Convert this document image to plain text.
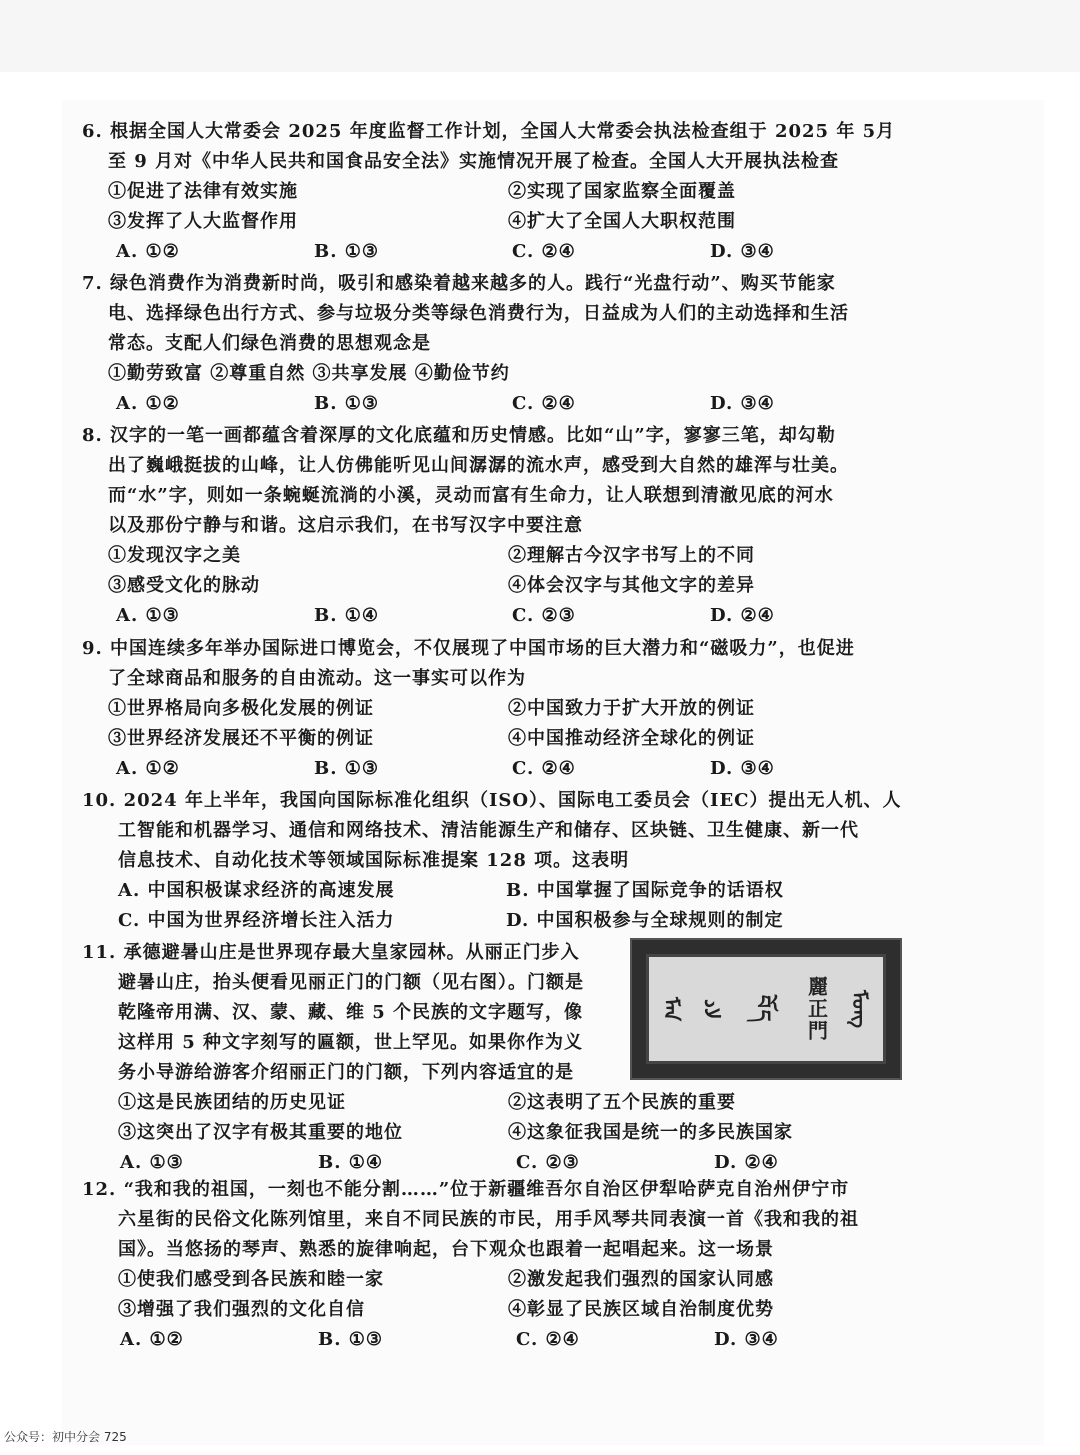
6. 根据全国人大常委会 2025 年度监督工作计划，全国人大常委会执法检查组于 2025 年 5月
至 9 月对《中华人民共和国食品安全法》实施情况开展了检查。全国人大开展执法检查
①促进了法律有效实施	②实现了国家监察全面覆盖
③发挥了人大监督作用	④扩大了全国人大职权范围
A. ①②	B. ①③	C. ②④	D. ③④
7. 绿色消费作为消费新时尚，吸引和感染着越来越多的人。践行“光盘行动”、购买节能家
电、选择绿色出行方式、参与垃圾分类等绿色消费行为，日益成为人们的主动选择和生活
常态。支配人们绿色消费的思想观念是
①勤劳致富 ②尊重自然 ③共享发展 ④勤俭节约
A. ①②	B. ①③	C. ②④	D. ③④
8. 汉字的一笔一画都蕴含着深厚的文化底蕴和历史情感。比如“山”字，寥寥三笔，却勾勒
出了巍峨挺拔的山峰，让人仿佛能听见山间潺潺的流水声，感受到大自然的雄浑与壮美。
而“水”字，则如一条蜿蜒流淌的小溪，灵动而富有生命力，让人联想到清澈见底的河水
以及那份宁静与和谐。这启示我们，在书写汉字中要注意
①发现汉字之美	②理解古今汉字书写上的不同
③感受文化的脉动	④体会汉字与其他文字的差异
A. ①③	B. ①④	C. ②③	D. ②④
9. 中国连续多年举办国际进口博览会，不仅展现了中国市场的巨大潜力和“磁吸力”，也促进
了全球商品和服务的自由流动。这一事实可以作为
①世界格局向多极化发展的例证	②中国致力于扩大开放的例证
③世界经济发展还不平衡的例证	④中国推动经济全球化的例证
A. ①②	B. ①③	C. ②④	D. ③④
10. 2024 年上半年，我国向国际标准化组织（ISO）、国际电工委员会（IEC）提出无人机、人
工智能和机器学习、通信和网络技术、清洁能源生产和储存、区块链、卫生健康、新一代
信息技术、自动化技术等领域国际标准提案 128 项。这表明
A. 中国积极谋求经济的高速发展	B. 中国掌握了国际竞争的话语权
C. 中国为世界经济增长注入活力	D. 中国积极参与全球规则的制定
11. 承德避暑山庄是世界现存最大皇家园林。从丽正门步入
避暑山庄，抬头便看见丽正门的门额（见右图）。门额是
乾隆帝用满、汉、蒙、藏、维 5 个民族的文字题写，像
这样用 5 种文字刻写的匾额，世上罕见。如果你作为义
务小导游给游客介绍丽正门的门额，下列内容适宜的是
①这是民族团结的历史见证	②这表明了五个民族的重要
③这突出了汉字有极其重要的地位	④这象征我国是统一的多民族国家
A. ①③	B. ①④	C. ②③	D. ②④
ᠮᠠᠨ ﻻﺩ	བོད	麗正門 ᠮᠣᠩ
12. “我和我的祖国，一刻也不能分割……”位于新疆维吾尔自治区伊犁哈萨克自治州伊宁市
六星街的民俗文化陈列馆里，来自不同民族的市民，用手风琴共同表演一首《我和我的祖
国》。当悠扬的琴声、熟悉的旋律响起，台下观众也跟着一起唱起来。这一场景
①使我们感受到各民族和睦一家	②激发起我们强烈的国家认同感
③增强了我们强烈的文化自信	④彰显了民族区域自治制度优势
A. ①②	B. ①③	C. ②④	D. ③④
公众号：初中分会 725
